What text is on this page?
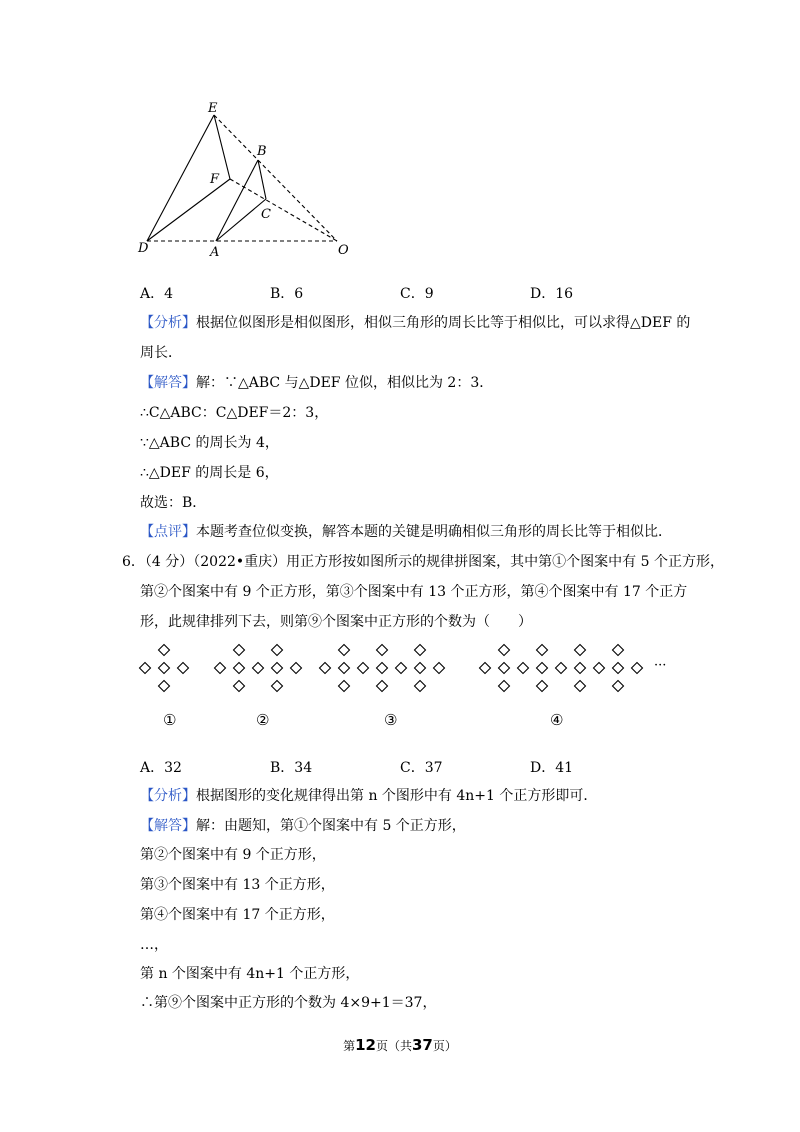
E
B
F
C
D	A	O
A．4	B．6	C．9	D．16
【分析】根据位似图形是相似图形，相似三角形的周长比等于相似比，可以求得△DEF 的
周长．
【解答】解：∵△ABC 与△DEF 位似，相似比为 2：3．
∴C△ABC：C△DEF＝2：3，
∵△ABC 的周长为 4，
∴△DEF 的周长是 6，
故选：B．
【点评】本题考查位似变换，解答本题的关键是明确相似三角形的周长比等于相似比．
6．（4 分）（2022•重庆）用正方形按如图所示的规律拼图案，其中第①个图案中有 5 个正方形，
第②个图案中有 9 个正方形，第③个图案中有 13 个正方形，第④个图案中有 17 个正方
形，此规律排列下去，则第⑨个图案中正方形的个数为（　　）
···
①	②	③	④
A．32	B．34	C．37	D．41
【分析】根据图形的变化规律得出第 n 个图形中有 4n+1 个正方形即可．
【解答】解：由题知，第①个图案中有 5 个正方形，
第②个图案中有 9 个正方形，
第③个图案中有 13 个正方形，
第④个图案中有 17 个正方形，
…，
第 n 个图案中有 4n+1 个正方形，
∴第⑨个图案中正方形的个数为 4×9+1＝37，
第12页（共37页）
